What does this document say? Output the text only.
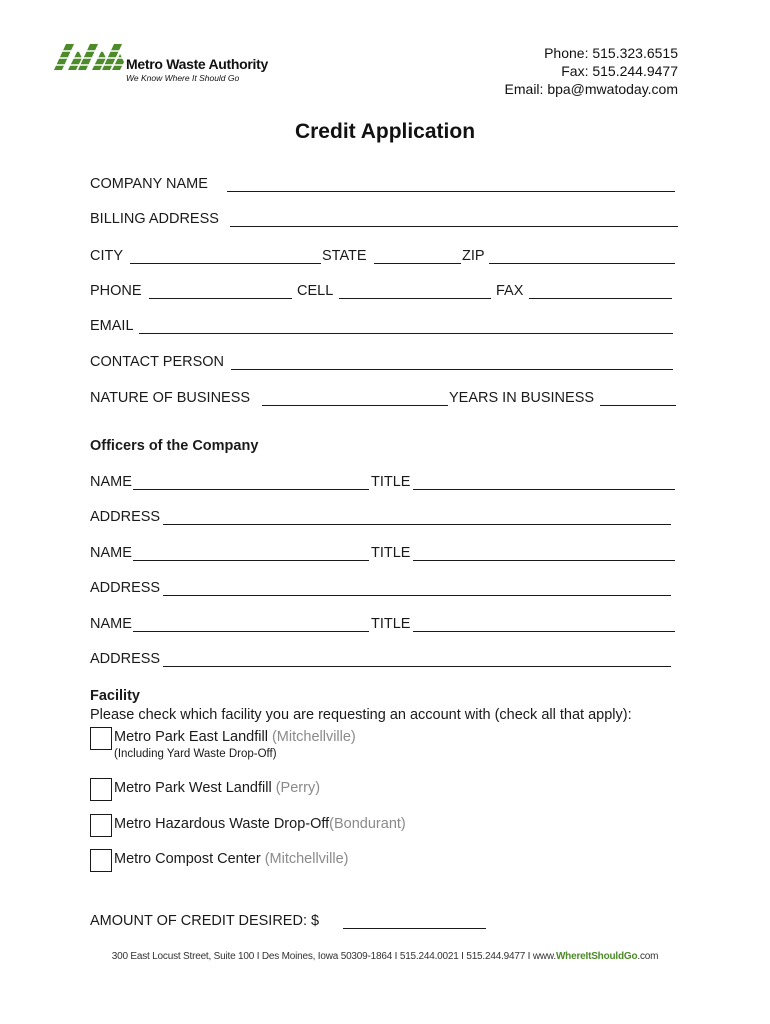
Metro Waste Authority
We Know Where It Should Go
Phone: 515.323.6515
Fax: 515.244.9477
Email: bpa@mwatoday.com
Credit Application
COMPANY NAME
BILLING ADDRESS
CITY	STATE	ZIP
PHONE	CELL	FAX
EMAIL
CONTACT PERSON
NATURE OF BUSINESS	YEARS IN BUSINESS
Officers of the Company
NAME	TITLE
ADDRESS
NAME	TITLE
ADDRESS
NAME	TITLE
ADDRESS
Facility
Please check which facility you are requesting an account with (check all that apply):
Metro Park East Landfill (Mitchellville)
(Including Yard Waste Drop-Off)
Metro Park West Landfill (Perry)
Metro Hazardous Waste Drop-Off(Bondurant)
Metro Compost Center (Mitchellville)
AMOUNT OF CREDIT DESIRED: $
300 East Locust Street, Suite 100 I Des Moines, Iowa 50309-1864 I 515.244.0021 I 515.244.9477 I www.WhereItShouldGo.com
